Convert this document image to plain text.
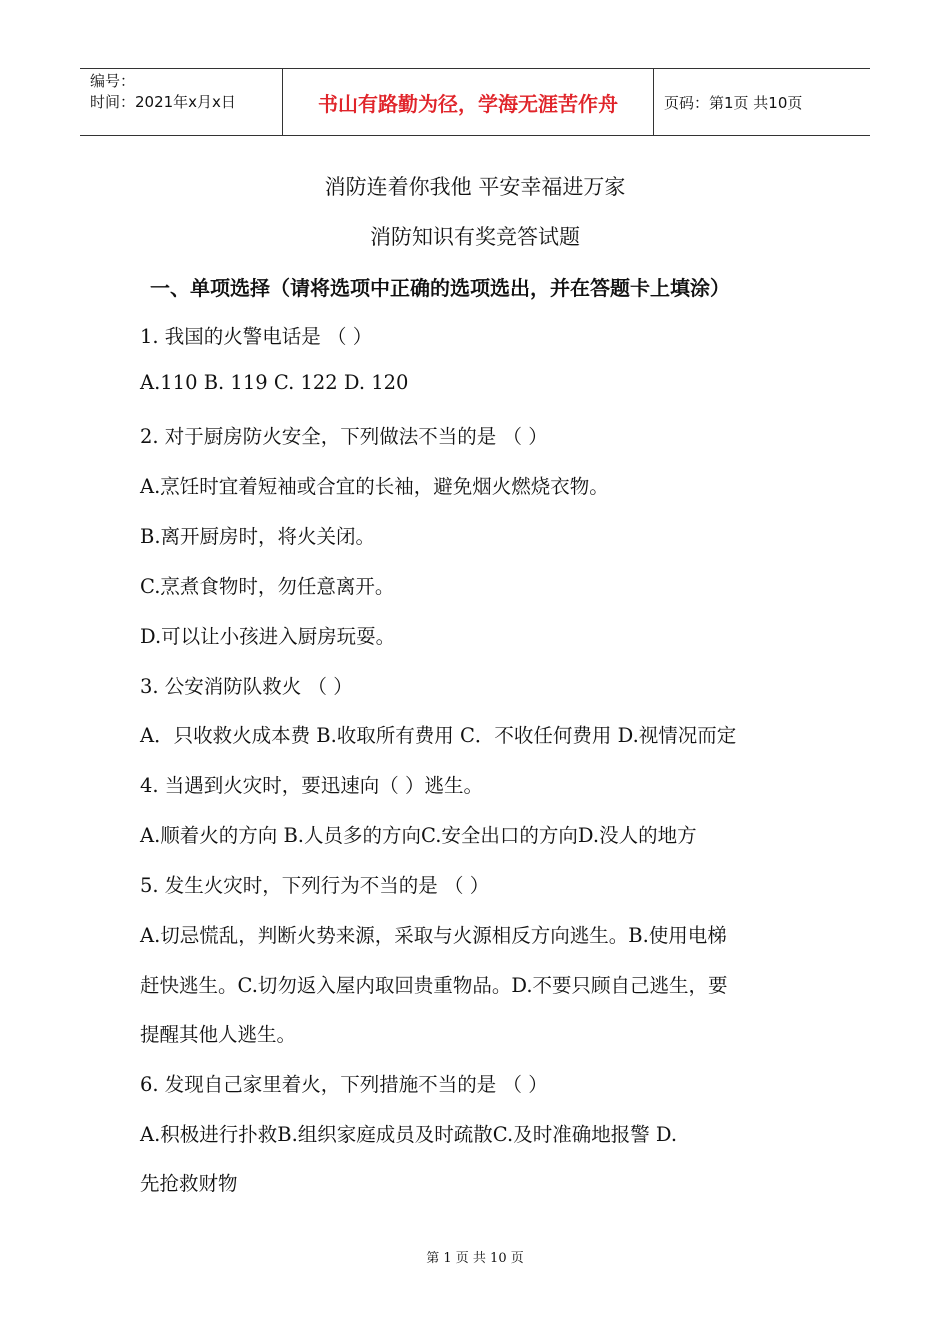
编号：
时间：2021年x月x日	书山有路勤为径，学海无涯苦作舟	页码：第1页 共10页
消防连着你我他 平安幸福进万家
消防知识有奖竞答试题
一、单项选择（请将选项中正确的选项选出，并在答题卡上填涂）
1. 我国的火警电话是 （ ）
A.110 B. 119 C. 122 D. 120
2. 对于厨房防火安全，下列做法不当的是 （ ）
A.烹饪时宜着短袖或合宜的长袖，避免烟火燃烧衣物。
B.离开厨房时，将火关闭。
C.烹煮食物时，勿任意离开。
D.可以让小孩进入厨房玩耍。
3. 公安消防队救火 （ ）
A．只收救火成本费 B.收取所有费用 C．不收任何费用 D.视情况而定
4. 当遇到火灾时，要迅速向（ ）逃生。
A.顺着火的方向 B.人员多的方向C.安全出口的方向D.没人的地方
5. 发生火灾时，下列行为不当的是 （ ）
A.切忌慌乱，判断火势来源，采取与火源相反方向逃生。B.使用电梯
赶快逃生。C.切勿返入屋内取回贵重物品。D.不要只顾自己逃生，要
提醒其他人逃生。
6. 发现自己家里着火，下列措施不当的是 （ ）
A.积极进行扑救B.组织家庭成员及时疏散C.及时准确地报警 D.
先抢救财物
第 1 页 共 10 页
